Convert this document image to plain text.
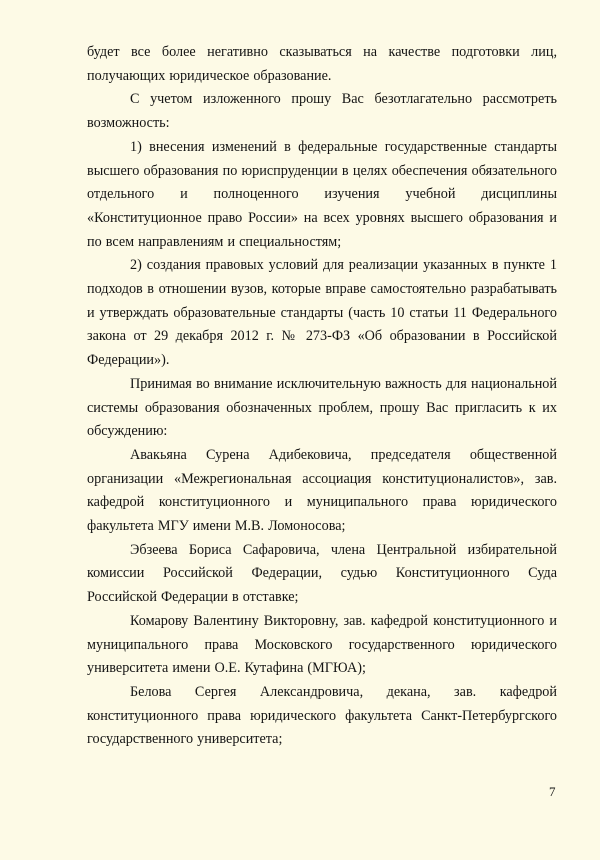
будет все более негативно сказываться на качестве подготовки лиц, получающих юридическое образование.

С учетом изложенного прошу Вас безотлагательно рассмотреть возможность:

1) внесения изменений в федеральные государственные стандарты высшего образования по юриспруденции в целях обеспечения обязательного отдельного и полноценного изучения учебной дисциплины «Конституционное право России» на всех уровнях высшего образования и по всем направлениям и специальностям;

2) создания правовых условий для реализации указанных в пункте 1 подходов в отношении вузов, которые вправе самостоятельно разрабатывать и утверждать образовательные стандарты (часть 10 статьи 11 Федерального закона от 29 декабря 2012 г. № 273-ФЗ «Об образовании в Российской Федерации»).

Принимая во внимание исключительную важность для национальной системы образования обозначенных проблем, прошу Вас пригласить к их обсуждению:

Авакьяна Сурена Адибековича, председателя общественной организации «Межрегиональная ассоциация конституционалистов», зав. кафедрой конституционного и муниципального права юридического факультета МГУ имени М.В. Ломоносова;

Эбзеева Бориса Сафаровича, члена Центральной избирательной комиссии Российской Федерации, судью Конституционного Суда Российской Федерации в отставке;

Комарову Валентину Викторовну, зав. кафедрой конституционного и муниципального права Московского государственного юридического университета имени О.Е. Кутафина (МГЮА);

Белова Сергея Александровича, декана, зав. кафедрой конституционного права юридического факультета Санкт-Петербургского государственного университета;

7
